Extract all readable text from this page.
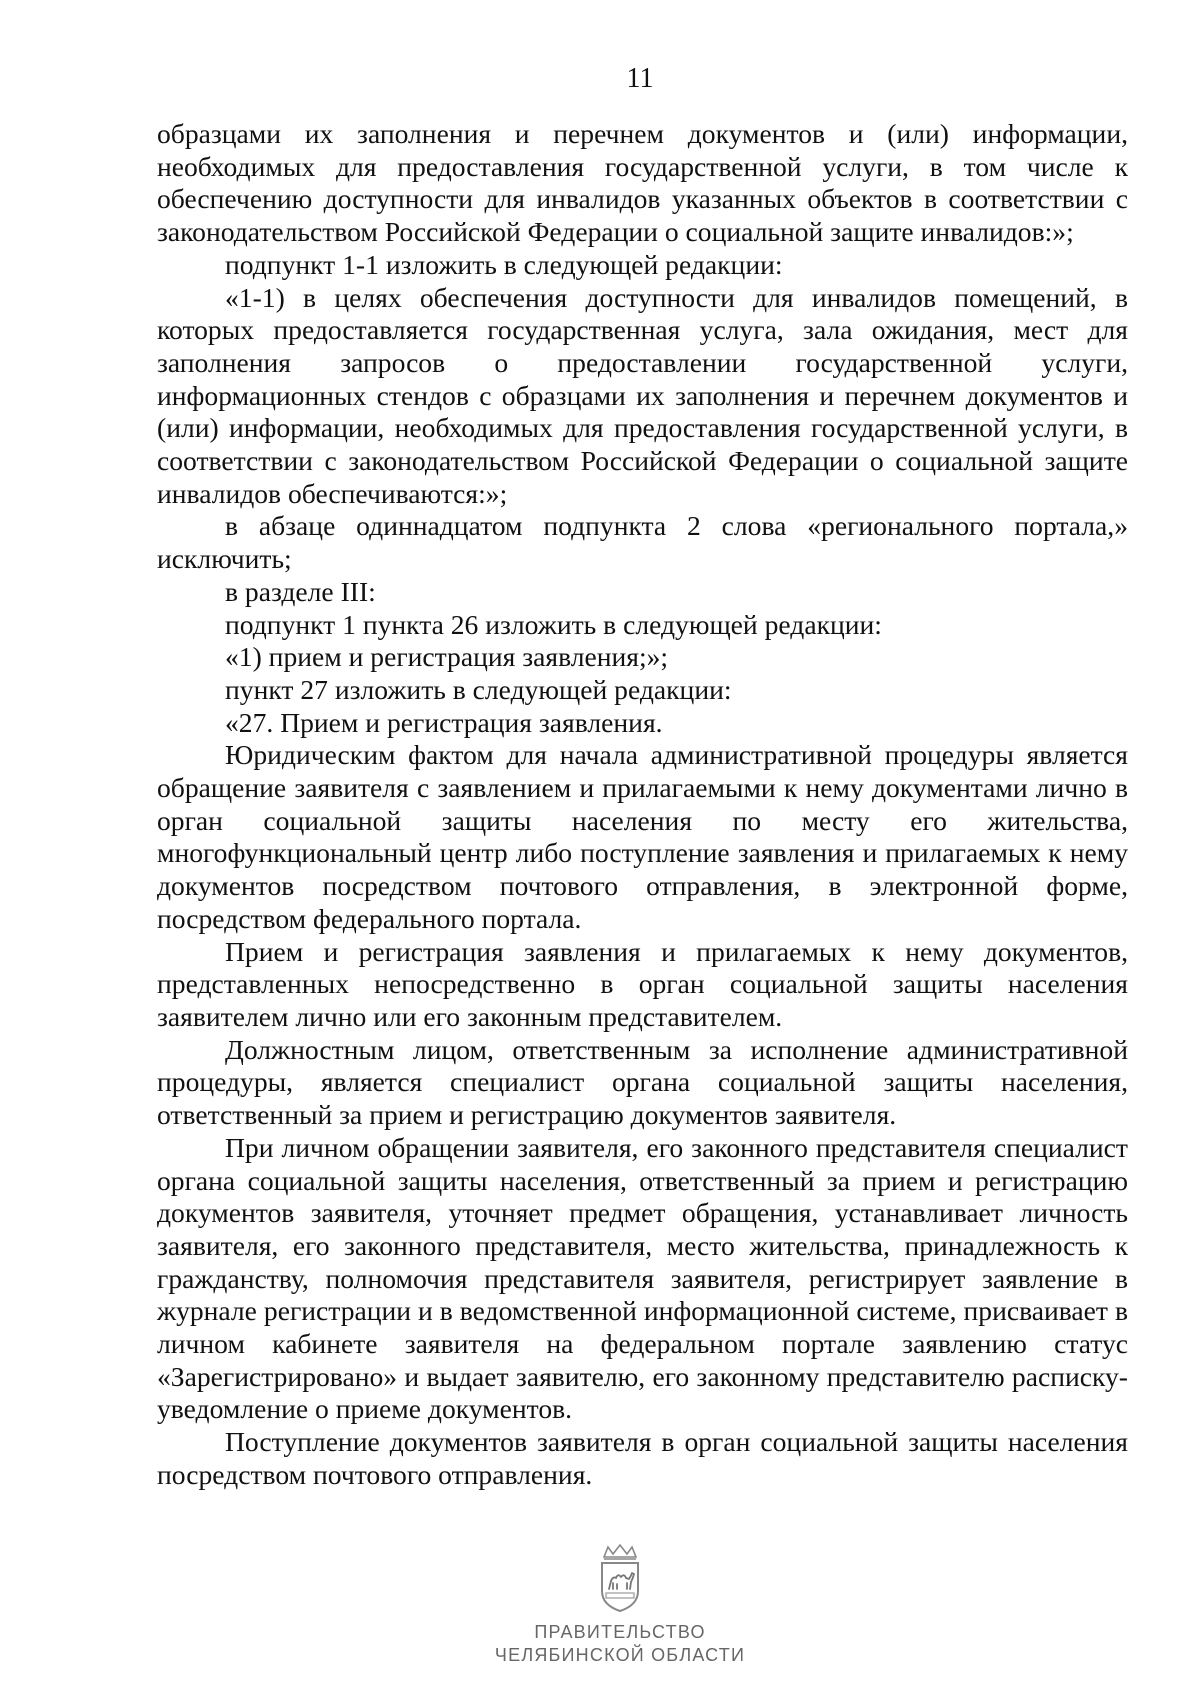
11

образцами их заполнения и перечнем документов и (или) информации, необходимых для предоставления государственной услуги, в том числе к обеспечению доступности для инвалидов указанных объектов в соответствии с законодательством Российской Федерации о социальной защите инвалидов:»;

подпункт 1-1 изложить в следующей редакции:

«1-1) в целях обеспечения доступности для инвалидов помещений, в которых предоставляется государственная услуга, зала ожидания, мест для заполнения запросов о предоставлении государственной услуги, информационных стендов с образцами их заполнения и перечнем документов и (или) информации, необходимых для предоставления государственной услуги, в соответствии с законодательством Российской Федерации о социальной защите инвалидов обеспечиваются:»;

в абзаце одиннадцатом подпункта 2 слова «регионального портала,» исключить;

в разделе III:

подпункт 1 пункта 26 изложить в следующей редакции:

«1) прием и регистрация заявления;»;

пункт 27 изложить в следующей редакции:

«27. Прием и регистрация заявления.

Юридическим фактом для начала административной процедуры является обращение заявителя с заявлением и прилагаемыми к нему документами лично в орган социальной защиты населения по месту его жительства, многофункциональный центр либо поступление заявления и прилагаемых к нему документов посредством почтового отправления, в электронной форме, посредством федерального портала.

Прием и регистрация заявления и прилагаемых к нему документов, представленных непосредственно в орган социальной защиты населения заявителем лично или его законным представителем.

Должностным лицом, ответственным за исполнение административной процедуры, является специалист органа социальной защиты населения, ответственный за прием и регистрацию документов заявителя.

При личном обращении заявителя, его законного представителя специалист органа социальной защиты населения, ответственный за прием и регистрацию документов заявителя, уточняет предмет обращения, устанавливает личность заявителя, его законного представителя, место жительства, принадлежность к гражданству, полномочия представителя заявителя, регистрирует заявление в журнале регистрации и в ведомственной информационной системе, присваивает в личном кабинете заявителя на федеральном портале заявлению статус «Зарегистрировано» и выдает заявителю, его законному представителю расписку-уведомление о приеме документов.

Поступление документов заявителя в орган социальной защиты населения посредством почтового отправления.

ПРАВИТЕЛЬСТВО
ЧЕЛЯБИНСКОЙ ОБЛАСТИ
